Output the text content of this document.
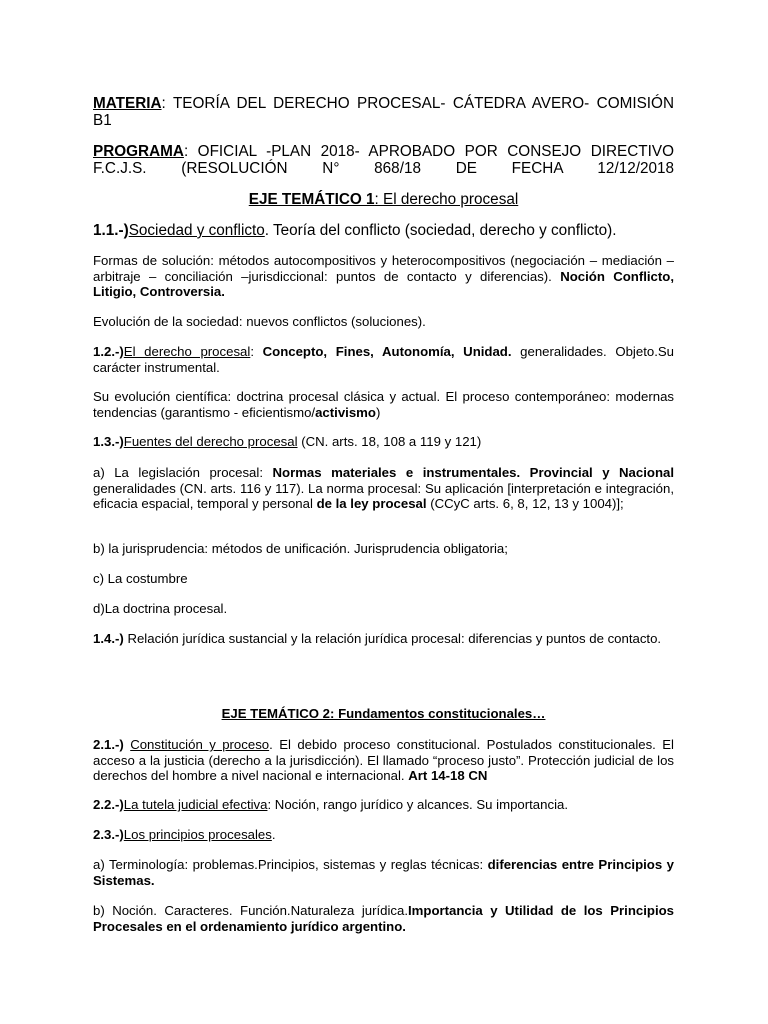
MATERIA: TEORÍA DEL DERECHO PROCESAL- CÁTEDRA AVERO- COMISIÓN B1

PROGRAMA: OFICIAL -PLAN 2018- APROBADO POR CONSEJO DIRECTIVO F.C.J.S. (RESOLUCIÓN N° 868/18 DE FECHA 12/12/2018

EJE TEMÁTICO 1: El derecho procesal

1.1.-)Sociedad y conflicto. Teoría del conflicto (sociedad, derecho y conflicto).

Formas de solución: métodos autocompositivos y heterocompositivos (negociación – mediación – arbitraje – conciliación –jurisdiccional: puntos de contacto y diferencias). Noción Conflicto, Litigio, Controversia.

Evolución de la sociedad: nuevos conflictos (soluciones).

1.2.-)El derecho procesal: Concepto, Fines, Autonomía, Unidad. generalidades. Objeto.Su carácter instrumental.

Su evolución científica: doctrina procesal clásica y actual. El proceso contemporáneo: modernas tendencias (garantismo - eficientismo/activismo)

1.3.-)Fuentes del derecho procesal (CN. arts. 18, 108 a 119 y 121)

a) La legislación procesal: Normas materiales e instrumentales. Provincial y Nacional generalidades (CN. arts. 116 y 117). La norma procesal: Su aplicación [interpretación e integración, eficacia espacial, temporal y personal de la ley procesal (CCyC arts. 6, 8, 12, 13 y 1004)];

b) la jurisprudencia: métodos de unificación. Jurisprudencia obligatoria;

c) La costumbre

d)La doctrina procesal.

1.4.-) Relación jurídica sustancial y la relación jurídica procesal: diferencias y puntos de contacto.

EJE TEMÁTICO 2: Fundamentos constitucionales…

2.1.-) Constitución y proceso. El debido proceso constitucional. Postulados constitucionales. El acceso a la justicia (derecho a la jurisdicción). El llamado “proceso justo”. Protección judicial de los derechos del hombre a nivel nacional e internacional. Art 14-18 CN

2.2.-)La tutela judicial efectiva: Noción, rango jurídico y alcances. Su importancia.

2.3.-)Los principios procesales.

a) Terminología: problemas.Principios, sistemas y reglas técnicas: diferencias entre Principios y Sistemas.

b) Noción. Caracteres. Función.Naturaleza jurídica.Importancia y Utilidad de los Principios Procesales en el ordenamiento jurídico argentino.
